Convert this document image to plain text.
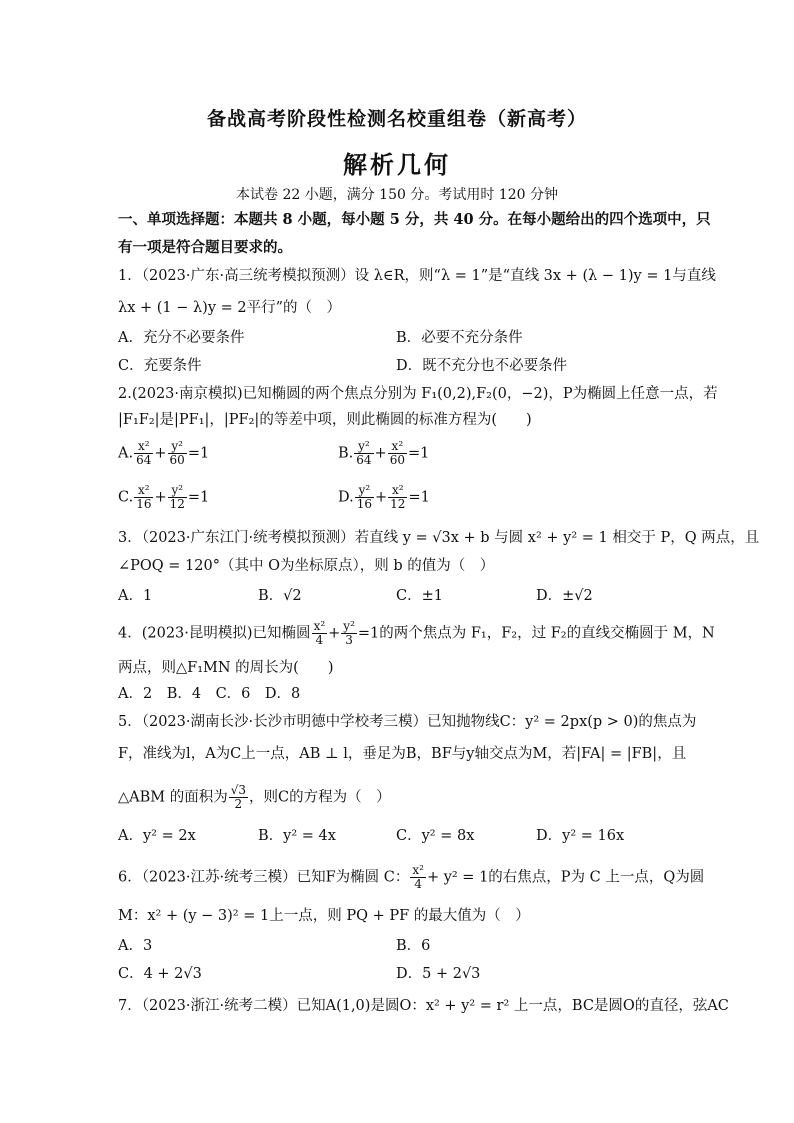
备战高考阶段性检测名校重组卷（新高考）
解析几何
本试卷 22 小题，满分 150 分。考试用时 120 分钟
一、单项选择题：本题共 8 小题，每小题 5 分，共 40 分。在每小题给出的四个选项中，只
有一项是符合题目要求的。
1．（2023·广东·高三统考模拟预测）设 λ∈R，则“λ = 1”是“直线 3x + (λ − 1)y = 1与直线
λx + (1 − λ)y = 2平行”的（　）
A．充分不必要条件	B．必要不充分条件
C．充要条件	D．既不充分也不必要条件
2.(2023·南京模拟)已知椭圆的两个焦点分别为 F₁(0,2),F₂(0，−2)，P为椭圆上任意一点，若
|F₁F₂|是|PF₁|，|PF₂|的等差中项，则此椭圆的标准方程为(　　)
A. $\frac{\text{x²}}{64} + \frac{\text{y²}}{60} =1$	B. $\frac{\text{y²}}{64} + \frac{\text{x²}}{60} =1$
C. $\frac{\text{x²}}{16} + \frac{\text{y²}}{12} =1$	D. $\frac{\text{y²}}{16} + \frac{\text{x²}}{12} =1$
3．（2023·广东江门·统考模拟预测）若直线 y = √3x + b 与圆 x² + y² = 1 相交于 P，Q 两点，且
∠POQ = 120°（其中 O为坐标原点），则 b 的值为（　）
A．1	B．√2	C．±1	D．±√2
4．(2023·昆明模拟)已知椭圆 $\frac{\text{x²}}{4} + \frac{\text{y²}}{3} =1$的两个焦点为 F₁，F₂，过 F₂的直线交椭圆于 M，N
两点，则△F₁MN 的周长为(　　)
A．2　B．4　C．6　D．8
5．（2023·湖南长沙·长沙市明德中学校考三模）已知抛物线C：y² = 2px(p > 0)的焦点为
F，准线为l，A为C上一点，AB ⊥ l，垂足为B，BF与y轴交点为M，若|FA| = |FB|，且
△ABM 的面积为 $\frac{√3}{2}$ ，则C的方程为（　）
A．y² = 2x	B．y² = 4x	C．y² = 8x	D．y² = 16x
6．（2023·江苏·统考三模）已知F为椭圆 C： $\frac{\text{x²}}{4} + y^2 = 1$的右焦点，P为 C 上一点，Q为圆
M：x² + (y − 3)² = 1上一点，则 PQ + PF 的最大值为（　）
A．3	B．6
C．4 + 2√3	D．5 + 2√3
7．（2023·浙江·统考二模）已知A(1,0)是圆O：x² + y² = r² 上一点，BC是圆O的直径，弦AC
